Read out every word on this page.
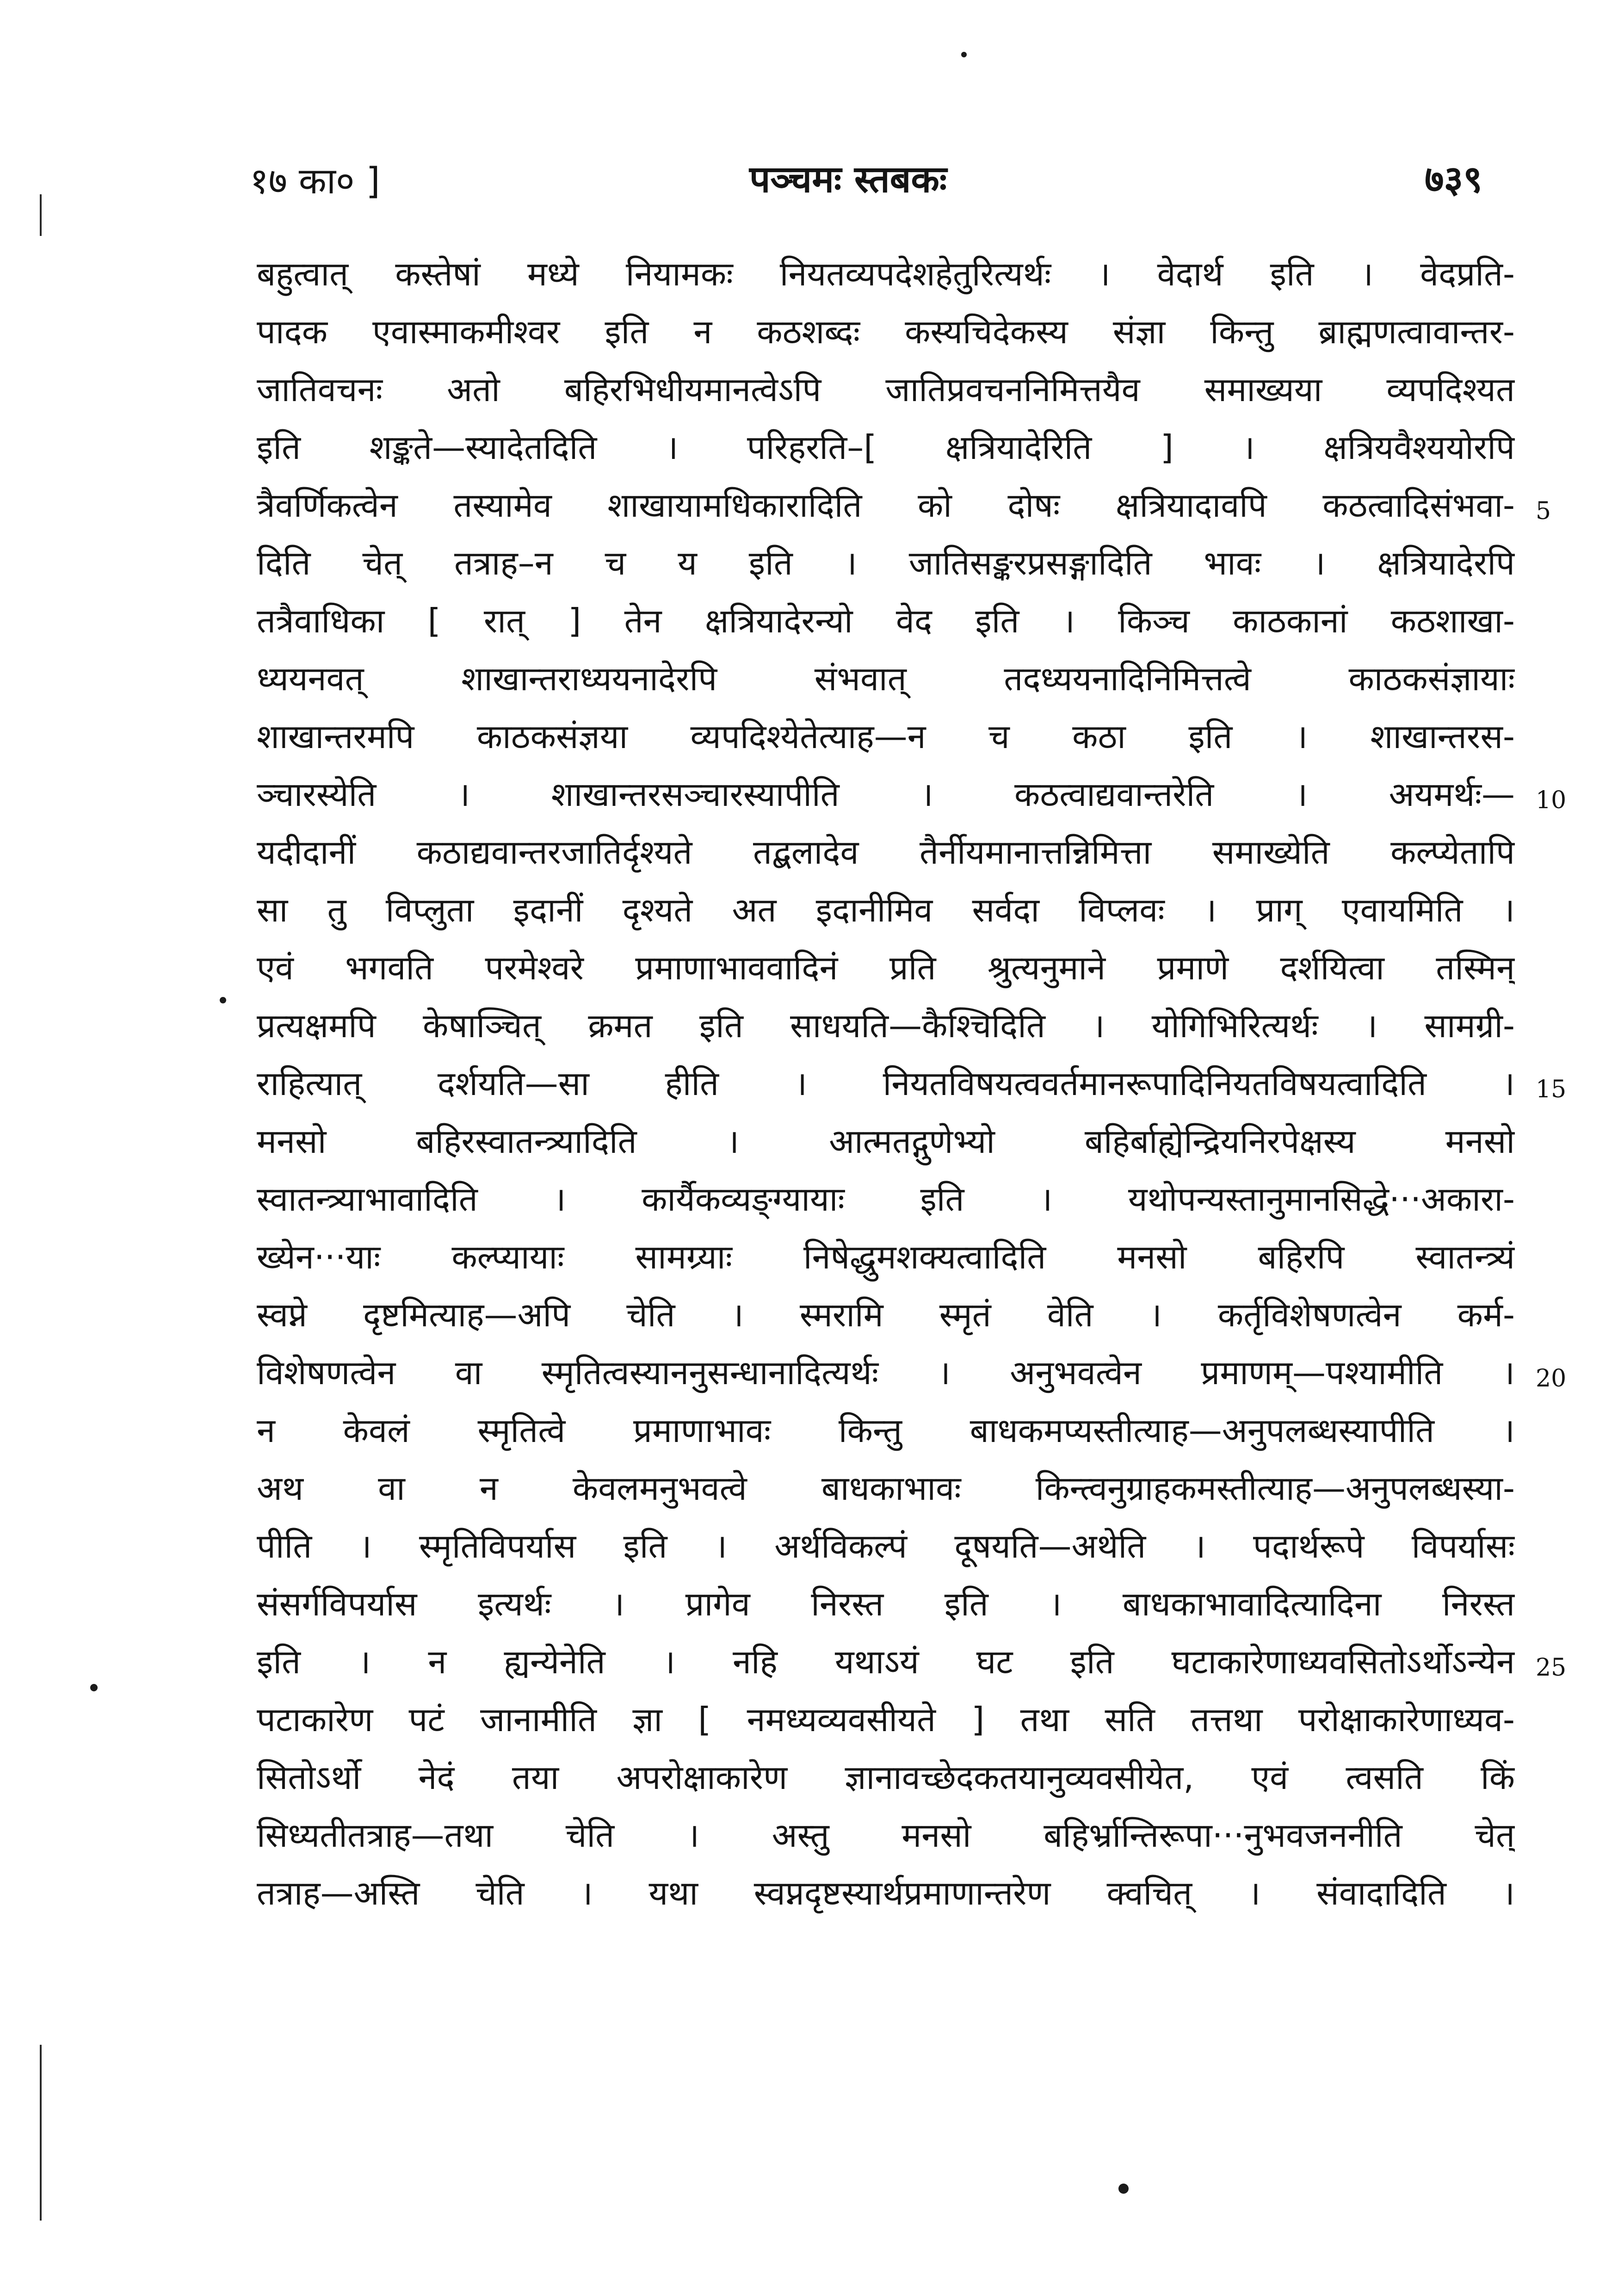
१७ का० ]	पञ्चमः स्तबकः	७३९
बहुत्वात् कस्तेषां मध्ये नियामकः नियतव्यपदेशहेतुरित्यर्थः । वेदार्थ इति । वेदप्रति-
पादक एवास्माकमीश्वर इति न कठशब्दः कस्यचिदेकस्य संज्ञा किन्तु ब्राह्मणत्वावान्तर-
जातिवचनः अतो बहिरभिधीयमानत्वेऽपि जातिप्रवचननिमित्तयैव समाख्यया व्यपदिश्यत
इति शङ्कते—स्यादेतदिति । परिहरति–[ क्षत्रियादेरिति ] । क्षत्रियवैश्ययोरपि
त्रैवर्णिकत्वेन तस्यामेव शाखायामधिकारादिति को दोषः क्षत्रियादावपि कठत्वादिसंभवा-
दिति चेत् तत्राह–न च य इति । जातिसङ्करप्रसङ्गादिति भावः । क्षत्रियादेरपि
तत्रैवाधिका [ रात् ] तेन क्षत्रियादेरन्यो वेद इति । किञ्च काठकानां कठशाखा-
ध्ययनवत् शाखान्तराध्ययनादेरपि संभवात् तदध्ययनादिनिमित्तत्वे काठकसंज्ञायाः
शाखान्तरमपि काठकसंज्ञया व्यपदिश्येतेत्याह—न च कठा इति । शाखान्तरस-
ञ्चारस्येति । शाखान्तरसञ्चारस्यापीति । कठत्वाद्यवान्तरेति । अयमर्थः—
यदीदानीं कठाद्यवान्तरजातिर्दृश्यते तद्बलादेव तैर्नीयमानात्तन्निमित्ता समाख्येति कल्प्येतापि
सा तु विप्लुता इदानीं दृश्यते अत इदानीमिव सर्वदा विप्लवः । प्राग् एवायमिति ।
एवं भगवति परमेश्वरे प्रमाणाभाववादिनं प्रति श्रुत्यनुमाने प्रमाणे दर्शयित्वा तस्मिन्
प्रत्यक्षमपि केषाञ्चित् क्रमत इति साधयति—कैश्चिदिति । योगिभिरित्यर्थः । सामग्री-
राहित्यात् दर्शयति—सा हीति । नियतविषयत्ववर्तमानरूपादिनियतविषयत्वादिति ।
मनसो बहिरस्वातन्त्र्यादिति । आत्मतद्गुणेभ्यो बहिर्बाह्येन्द्रियनिरपेक्षस्य मनसो
स्वातन्त्र्याभावादिति । कार्यैकव्यङ्ग्यायाः इति । यथोपन्यस्तानुमानसिद्धे···अकारा-
ख्येन···याः कल्प्यायाः सामग्र्याः निषेद्धुमशक्यत्वादिति मनसो बहिरपि स्वातन्त्र्यं
स्वप्ने दृष्टमित्याह—अपि चेति । स्मरामि स्मृतं वेति । कर्तृविशेषणत्वेन कर्म-
विशेषणत्वेन वा स्मृतित्वस्याननुसन्धानादित्यर्थः । अनुभवत्वेन प्रमाणम्—पश्यामीति ।
न केवलं स्मृतित्वे प्रमाणाभावः किन्तु बाधकमप्यस्तीत्याह—अनुपलब्धस्यापीति ।
अथ वा न केवलमनुभवत्वे बाधकाभावः किन्त्वनुग्राहकमस्तीत्याह—अनुपलब्धस्या-
पीति । स्मृतिविपर्यास इति । अर्थविकल्पं दूषयति—अथेति । पदार्थरूपे विपर्यासः
संसर्गविपर्यास इत्यर्थः । प्रागेव निरस्त इति । बाधकाभावादित्यादिना निरस्त
इति । न ह्यन्येनेति । नहि यथाऽयं घट इति घटाकारेणाध्यवसितोऽर्थोऽन्येन
पटाकारेण पटं जानामीति ज्ञा [ नमध्यव्यवसीयते ] तथा सति तत्तथा परोक्षाकारेणाध्यव-
सितोऽर्थो नेदं तया अपरोक्षाकारेण ज्ञानावच्छेदकतयानुव्यवसीयेत, एवं त्वसति किं
सिध्यतीतत्राह—तथा चेति । अस्तु मनसो बहिर्भ्रान्तिरूपा···नुभवजननीति चेत्
तत्राह—अस्ति चेति । यथा स्वप्नदृष्टस्यार्थप्रमाणान्तरेण क्वचित् । संवादादिति ।
5
10
15
20
25
